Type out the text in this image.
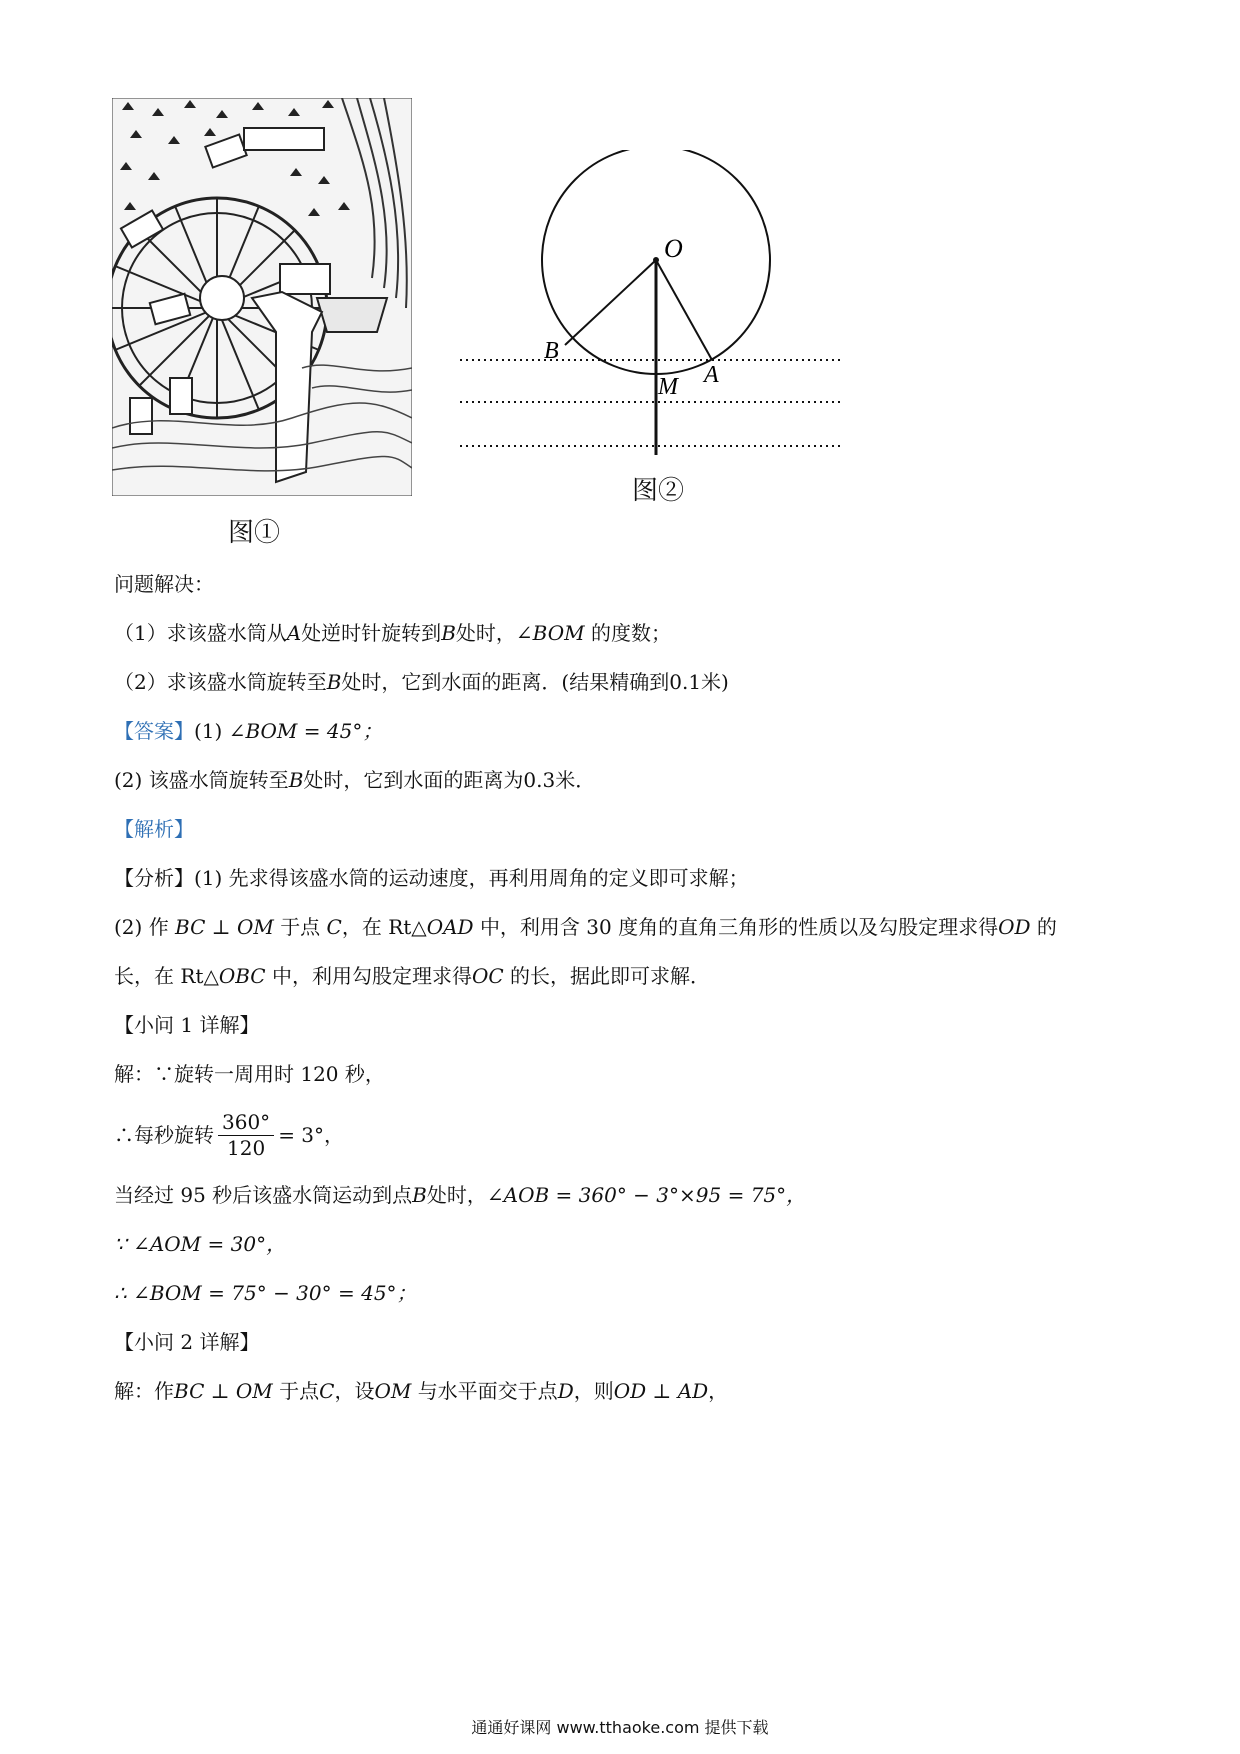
图①
O
B
A
M
图②
问题解决：
（1）求该盛水筒从A处逆时针旋转到B处时，∠BOM 的度数；
（2）求该盛水筒旋转至B处时，它到水面的距离．(结果精确到0.1米)
【答案】(1) ∠BOM = 45°；
(2) 该盛水筒旋转至B处时，它到水面的距离为0.3米．
【解析】
【分析】(1) 先求得该盛水筒的运动速度，再利用周角的定义即可求解；
(2) 作 BC ⊥ OM 于点 C，在 Rt△OAD 中，利用含 30 度角的直角三角形的性质以及勾股定理求得OD 的
长，在 Rt△OBC 中，利用勾股定理求得OC 的长，据此即可求解．
【小问 1 详解】
解：∵旋转一周用时 120 秒，
∴每秒旋转 $\frac{360^\circ}{120} = 3^\circ$，
当经过 95 秒后该盛水筒运动到点B处时，∠AOB = 360° − 3°×95 = 75°，
∵ ∠AOM = 30°，
∴ ∠BOM = 75° − 30° = 45°；
【小问 2 详解】
解：作BC ⊥ OM 于点C，设OM 与水平面交于点D，则OD ⊥ AD，
通通好课网 www.tthaoke.com 提供下载
